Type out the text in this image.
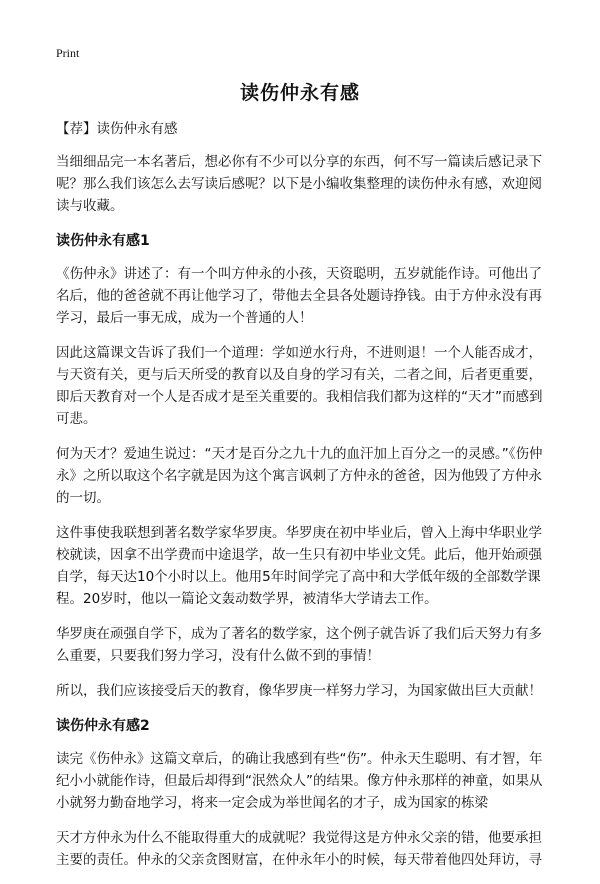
Print
读伤仲永有感

【荐】读伤仲永有感

当细细品完一本名著后，想必你有不少可以分享的东西，何不写一篇读后感记录下呢？那么我们该怎么去写读后感呢？以下是小编收集整理的读伤仲永有感，欢迎阅读与收藏。

读伤仲永有感1

《伤仲永》讲述了：有一个叫方仲永的小孩，天资聪明，五岁就能作诗。可他出了名后，他的爸爸就不再让他学习了，带他去全县各处题诗挣钱。由于方仲永没有再学习，最后一事无成，成为一个普通的人！

因此这篇课文告诉了我们一个道理：学如逆水行舟，不进则退！一个人能否成才，与天资有关，更与后天所受的教育以及自身的学习有关，二者之间，后者更重要，即后天教育对一个人是否成才是至关重要的。我相信我们都为这样的“天才”而感到可悲。

何为天才？爱迪生说过：“天才是百分之九十九的血汗加上百分之一的灵感。”《伤仲永》之所以取这个名字就是因为这个寓言讽刺了方仲永的爸爸，因为他毁了方仲永的一切。

这件事使我联想到著名数学家华罗庚。华罗庚在初中毕业后，曾入上海中华职业学校就读，因拿不出学费而中途退学，故一生只有初中毕业文凭。此后，他开始顽强自学，每天达10个小时以上。他用5年时间学完了高中和大学低年级的全部数学课程。20岁时，他以一篇论文轰动数学界，被清华大学请去工作。

华罗庚在顽强自学下，成为了著名的数学家，这个例子就告诉了我们后天努力有多么重要，只要我们努力学习，没有什么做不到的事情！

所以，我们应该接受后天的教育，像华罗庚一样努力学习，为国家做出巨大贡献！

读伤仲永有感2

读完《伤仲永》这篇文章后，的确让我感到有些“伤”。仲永天生聪明、有才智，年纪小小就能作诗，但最后却得到“泯然众人”的结果。像方仲永那样的神童，如果从小就努力勤奋地学习，将来一定会成为举世闻名的才子，成为国家的栋梁

天才方仲永为什么不能取得重大的成就呢？我觉得这是方仲永父亲的错，他要承担主要的责任。仲永的父亲贪图财富，在仲永年小的时候，每天带着他四处拜访，寻
